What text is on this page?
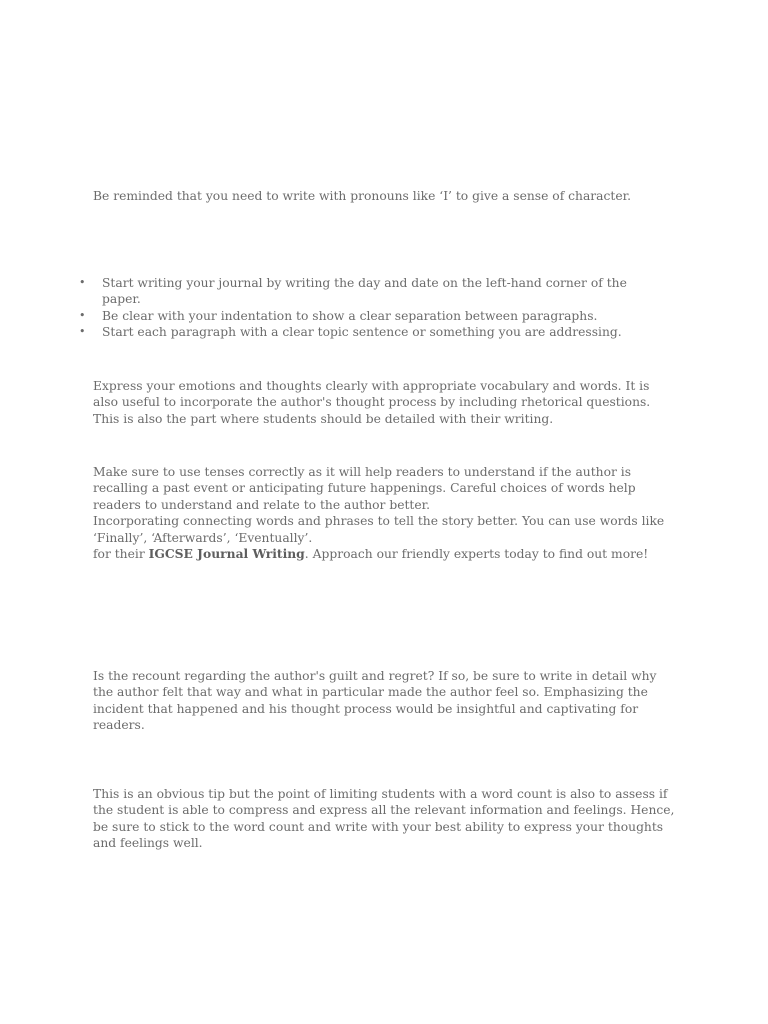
Be reminded that you need to write with pronouns like ‘I’ to give a sense of character.

• Start writing your journal by writing the day and date on the left-hand corner of the paper.
• Be clear with your indentation to show a clear separation between paragraphs.
• Start each paragraph with a clear topic sentence or something you are addressing.

Express your emotions and thoughts clearly with appropriate vocabulary and words. It is also useful to incorporate the author's thought process by including rhetorical questions. This is also the part where students should be detailed with their writing.

Make sure to use tenses correctly as it will help readers to understand if the author is recalling a past event or anticipating future happenings. Careful choices of words help readers to understand and relate to the author better.

Incorporating connecting words and phrases to tell the story better. You can use words like ‘Finally’, ‘Afterwards’, ‘Eventually’.

for their IGCSE Journal Writing. Approach our friendly experts today to find out more!

Is the recount regarding the author's guilt and regret? If so, be sure to write in detail why the author felt that way and what in particular made the author feel so. Emphasizing the incident that happened and his thought process would be insightful and captivating for readers.

This is an obvious tip but the point of limiting students with a word count is also to assess if the student is able to compress and express all the relevant information and feelings. Hence, be sure to stick to the word count and write with your best ability to express your thoughts and feelings well.
